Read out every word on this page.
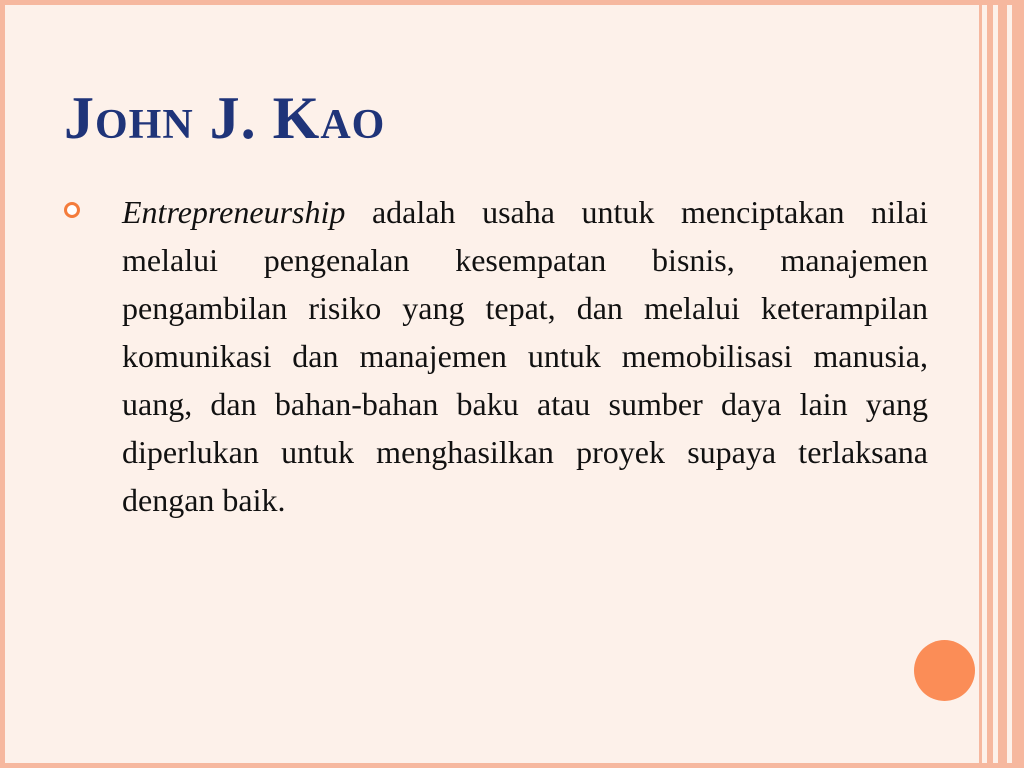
John J. Kao

Entrepreneurship adalah usaha untuk menciptakan nilai melalui pengenalan kesempatan bisnis, manajemen pengambilan risiko yang tepat, dan melalui keterampilan komunikasi dan manajemen untuk memobilisasi manusia, uang, dan bahan-bahan baku atau sumber daya lain yang diperlukan untuk menghasilkan proyek supaya terlaksana dengan baik.
